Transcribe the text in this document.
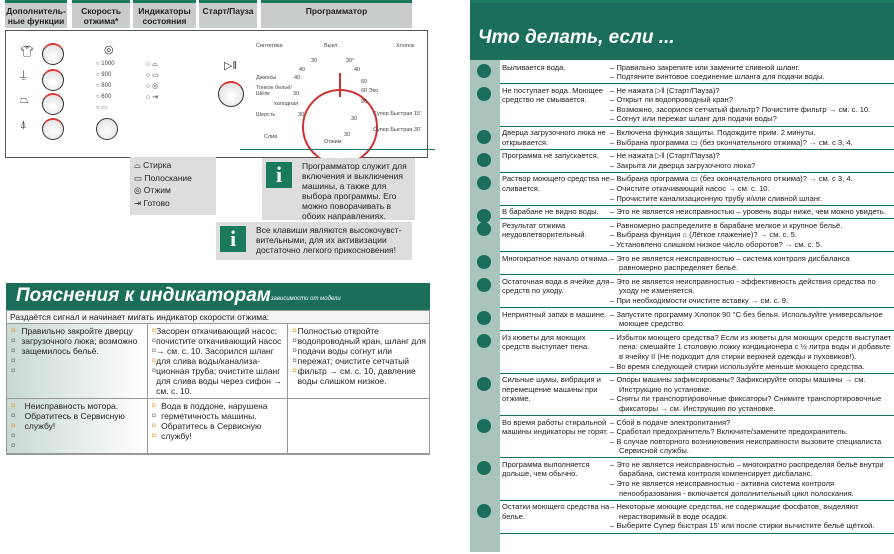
Дополнитель-ные функции
Скорость отжима*
Индикаторы состояния
Старт/Пауза	Программатор
👕︎
⍊
⏢
⍋
◎
○ 1000
○ 900
○ 800
○ 600
○ ▭
○ ⌓
○ ▭
○ ◎
○ ⇥
▷‖
Синтетика	Выкл.	Хлопок
Джинсы
Тонкое бельё/ Шёлк
холодная
Шерсть
Слив
Отжим
60 Эко
Супер Быстрая 15'
Супер Быстрая 30'
30
40
30°
40
60
90
40
30
30
30
30
⌓ Стирка
▭ Полоскание
◎ Отжим
⇥ Готово
i	Программатор служит для включения и выключения машины, а также для выбора программы. Его можно поворачивать в обоих направлениях.
i	Все клавиши являются высокочувст-вительными, для их активизации достаточно легкого прикосновения!
Пояснения к индикаторам
в зависимости от модели
Раздаётся сигнал и начинает мигать индикатор скорости отжима:
¤
¤
¤
¤
¤
Правильно закройте дверцу загрузочного люка; возможно защемилось бельё.
¤
¤
¤
¤
¤
Засорен откачивающий насос; почистите откачивающий насос → см. с. 10. Засорился шланг для слива воды/канализа-ционная труба; очистите шланг для слива воды через сифон → см. с. 10.
¤
¤
¤
¤
¤
Полностью откройте водопроводный кран, шланг для подачи воды согнут или пережат; очистите сетчатый фильтр → см. с. 10, давление воды слишком низкое.
¤
¤
¤
¤
¤
Неисправность мотора. Обратитесь в Сервисную службу!
¤
¤
¤
¤
Вода в поддоне, нарушена герметичность машины. Обратитесь в Сервисную службу!
Что делать, если ...
Выливается вода.	– Правильно закрепите или замените сливной шланг.
– Подтяните винтовое соединение шланга для подачи воды.
Не поступает вода. Моющее средство не смывается.
– Не нажата ▷‖ (Старт/Пауза)?
– Открыт ли водопроводный кран?
– Возможно, засорился сетчатый фильтр? Почистите фильтр → см. с. 10.
– Согнут или пережат шланг для подачи воды?
Дверца загрузочного люка не открывается.
– Включена функция защиты. Подождите прим. 2 минуты.
– Выбрана программа ▭ (без окончательного отжима)? → см. с 3, 4.
Программа не запускается.	– Не нажата ▷‖ (Старт/Пауза)?
– Закрыта ли дверца загрузочного люка?
Раствор моющего средства не сливается.
– Выбрана программа ▭ (без окончательного отжима)? → см. с 3, 4.
– Очистите откачивающий насос → см. с. 10.
– Прочистите канализационную трубу и/или сливной шланг.
В барабане не видно воды.	– Это не является неисправностью – уровень воды ниже, чем можно увидеть.
Результат отжима неудовлетворительный.
– Равномерно распределите в барабане мелкое и крупное бельё.
– Выбрана функция ⌂ (Лёгкое глажение)? → см. с. 5.
– Установлено слишком низкое число оборотов? → см. с. 5.
Многократное начало отжима. – Это не является неисправностью – система контроля дисбаланса равномерно распределяет бельё.
Остаточная вода в ячейке для средств по уходу.
– Это не является неисправностью - эффективность действия средства по уходу не изменяется.
– При необходимости очистите вставку → см. с. 9.
Неприятный запах в машине. – Запустите программу Хлопок 90 °C без белья. Используйте универсальное моющее средство.
Из кюветы для моющих средств выступает пена.
– Избыток моющего средства? Если из кюветы для моющих средств выступает пена: смешайте 1 столовую ложку кондиционера с ½ литра воды и добавьте в ячейку II (Не подходит для стирки верхней одежды и пуховиков!).
– Во время следующей стирки используйте меньше моющего средства.
Сильные шумы, вибрация и перемещение машины при отжиме.
– Опоры машины зафиксированы? Зафиксируйте опоры машины → см. Инструкцию по установке.
– Сняты ли транспортировочные фиксаторы? Снимите транспортировочные фиксаторы → см. Инструкцию по установке.
Во время работы стиральной машины индикаторы не горят.
– Сбой в подаче электропитания?
– Сработал предохранитель? Включите/замените предохранитель.
– В случае повторного возникновения неисправности вызовите специалиста Сервисной службы.
Программа выполняется дольше, чем обычно.
– Это не является неисправностью – многократно распределяя бельё внутри барабана, система контроля компенсирует дисбаланс.
– Это не является неисправностью - активна система контроля пенообразования - включается дополнительный цикл полоскания.
Остатки моющего средства на белье.
– Некоторые моющие средства, не содержащие фосфатов, выделяют нерастворимый в воде осадок.
– Выберите Супер быстрая 15' или после стирки вычистите бельё щёткой.
